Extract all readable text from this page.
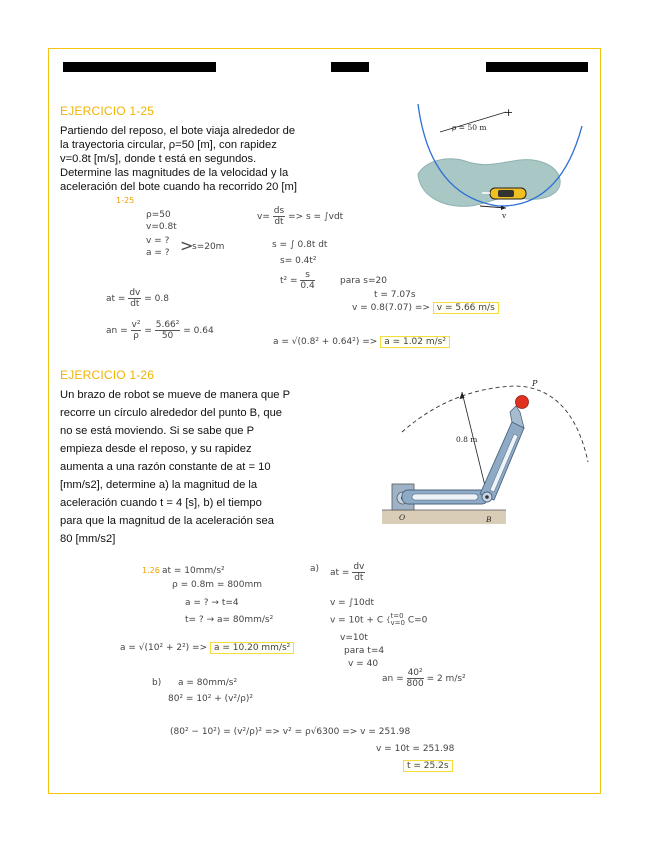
EJERCICIO 1-25
Partiendo del reposo, el bote viaja alrededor de
la trayectoria circular, ρ=50 [m], con rapidez
v=0.8t [m/s], donde t está en segundos.
Determine las magnitudes de la velocidad y la
aceleración del bote cuando ha recorrido 20 [m]
+
ρ = 50 m
v
1-25
ρ=50
v=0.8t
v = ?
a = ? >
s=20m
$v= \frac{ds}{dt} => s = \int vdt$
s = ∫ 0.8t dt
s= 0.4t²
$t^2 = \frac{s}{0.4}$	para s=20
t = 7.07s
v = 0.8(7.07) => v = 5.66 m/s
at = $\frac{dv}{dt} = 0.8$
an = $\frac{\text{v²}}{\rho} = \frac{\text{5.66²}}{50} = 0.64$
a = √(0.8² + 0.64²) => a = 1.02 m/s²
EJERCICIO 1-26
Un brazo de robot se mueve de manera que P
recorre un círculo alrededor del punto B, que
no se está moviendo. Si se sabe que P
empieza desde el reposo, y su rapidez
aumenta a una razón constante de at = 10
[mm/s2], determine a) la magnitud de la
aceleración cuando t = 4 [s], b) el tiempo
para que la magnitud de la aceleración sea
80 [mm/s2]
0.8 m
P
O	B
1.26 at = 10mm/s²
ρ = 0.8m = 800mm
a = ? → t=4
t= ? → a= 80mm/s²
a) at = $\frac{dv}{dt}$
v = ∫10dt
v = 10t + C { t=0
v=0 C=0
v=10t
para t=4
v = 40
an = $\frac{\text{40²}}{800} = 2$ m/s²
a = √(10² + 2²) => a = 10.20 mm/s²
b) a = 80mm/s²
80² = 10² + (v²/ρ)²
(80² − 10²) = (v²/ρ)² => v² = ρ√6300 => v = 251.98
v = 10t = 251.98
t = 25.2s
